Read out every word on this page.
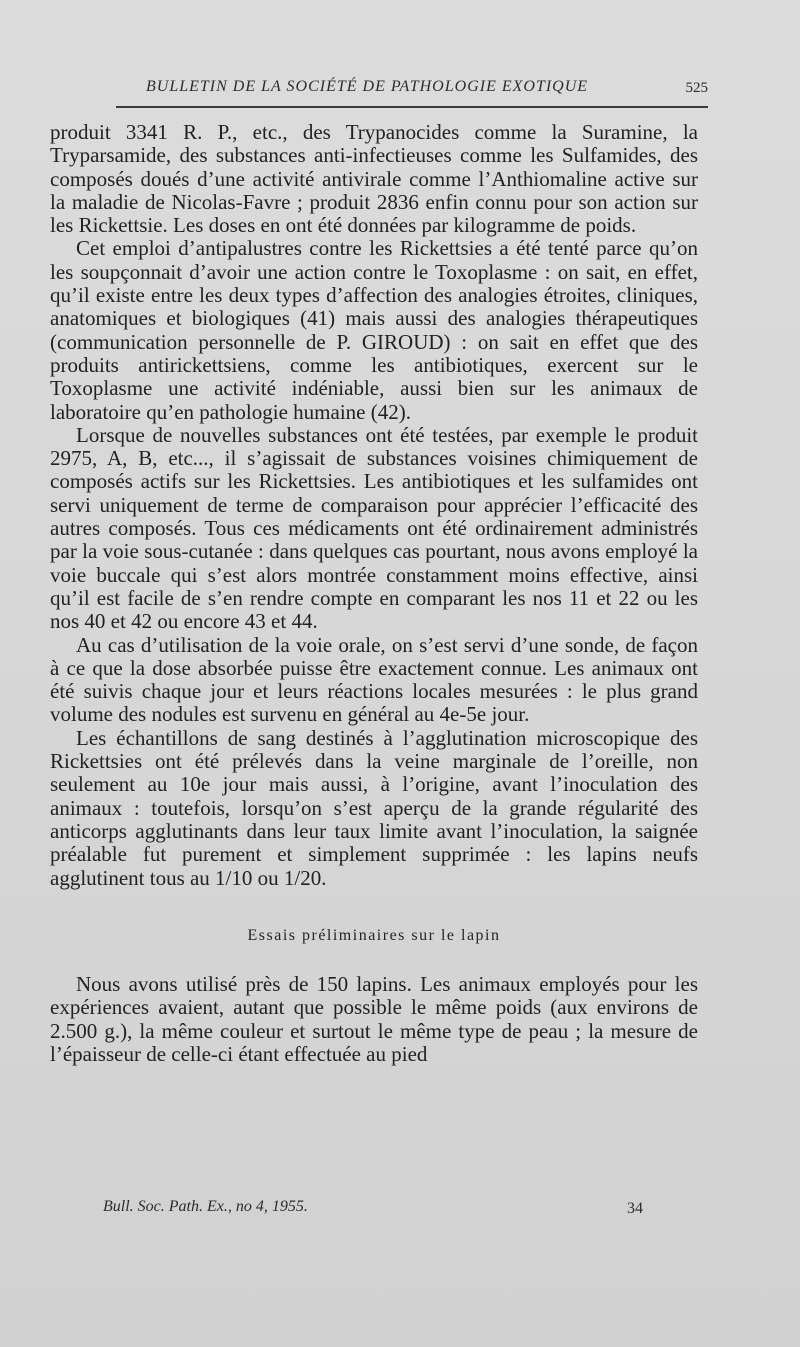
BULLETIN DE LA SOCIÉTÉ DE PATHOLOGIE EXOTIQUE	525

produit 3341 R. P., etc., des Trypanocides comme la Suramine, la Tryparsamide, des substances anti-infectieuses comme les Sulfamides, des composés doués d’une activité antivirale comme l’Anthiomaline active sur la maladie de Nicolas-Favre ; produit 2836 enfin connu pour son action sur les Rickettsie. Les doses en ont été données par kilogramme de poids.

Cet emploi d’antipalustres contre les Rickettsies a été tenté parce qu’on les soupçonnait d’avoir une action contre le Toxoplasme : on sait, en effet, qu’il existe entre les deux types d’affection des analogies étroites, cliniques, anatomiques et biologiques (41) mais aussi des analogies thérapeutiques (communication personnelle de P. GIROUD) : on sait en effet que des produits antirickettsiens, comme les antibiotiques, exercent sur le Toxoplasme une activité indéniable, aussi bien sur les animaux de laboratoire qu’en pathologie humaine (42).

Lorsque de nouvelles substances ont été testées, par exemple le produit 2975, A, B, etc..., il s’agissait de substances voisines chimiquement de composés actifs sur les Rickettsies. Les antibiotiques et les sulfamides ont servi uniquement de terme de comparaison pour apprécier l’efficacité des autres composés. Tous ces médicaments ont été ordinairement administrés par la voie sous-cutanée : dans quelques cas pourtant, nous avons employé la voie buccale qui s’est alors montrée constamment moins effective, ainsi qu’il est facile de s’en rendre compte en comparant les nos 11 et 22 ou les nos 40 et 42 ou encore 43 et 44.

Au cas d’utilisation de la voie orale, on s’est servi d’une sonde, de façon à ce que la dose absorbée puisse être exactement connue. Les animaux ont été suivis chaque jour et leurs réactions locales mesurées : le plus grand volume des nodules est survenu en général au 4e-5e jour.

Les échantillons de sang destinés à l’agglutination microscopique des Rickettsies ont été prélevés dans la veine marginale de l’oreille, non seulement au 10e jour mais aussi, à l’origine, avant l’inoculation des animaux : toutefois, lorsqu’on s’est aperçu de la grande régularité des anticorps agglutinants dans leur taux limite avant l’inoculation, la saignée préalable fut purement et simplement supprimée : les lapins neufs agglutinent tous au 1/10 ou 1/20.

Essais préliminaires sur le lapin

Nous avons utilisé près de 150 lapins. Les animaux employés pour les expériences avaient, autant que possible le même poids (aux environs de 2.500 g.), la même couleur et surtout le même type de peau ; la mesure de l’épaisseur de celle-ci étant effectuée au pied

Bull. Soc. Path. Ex., no 4, 1955.	34
